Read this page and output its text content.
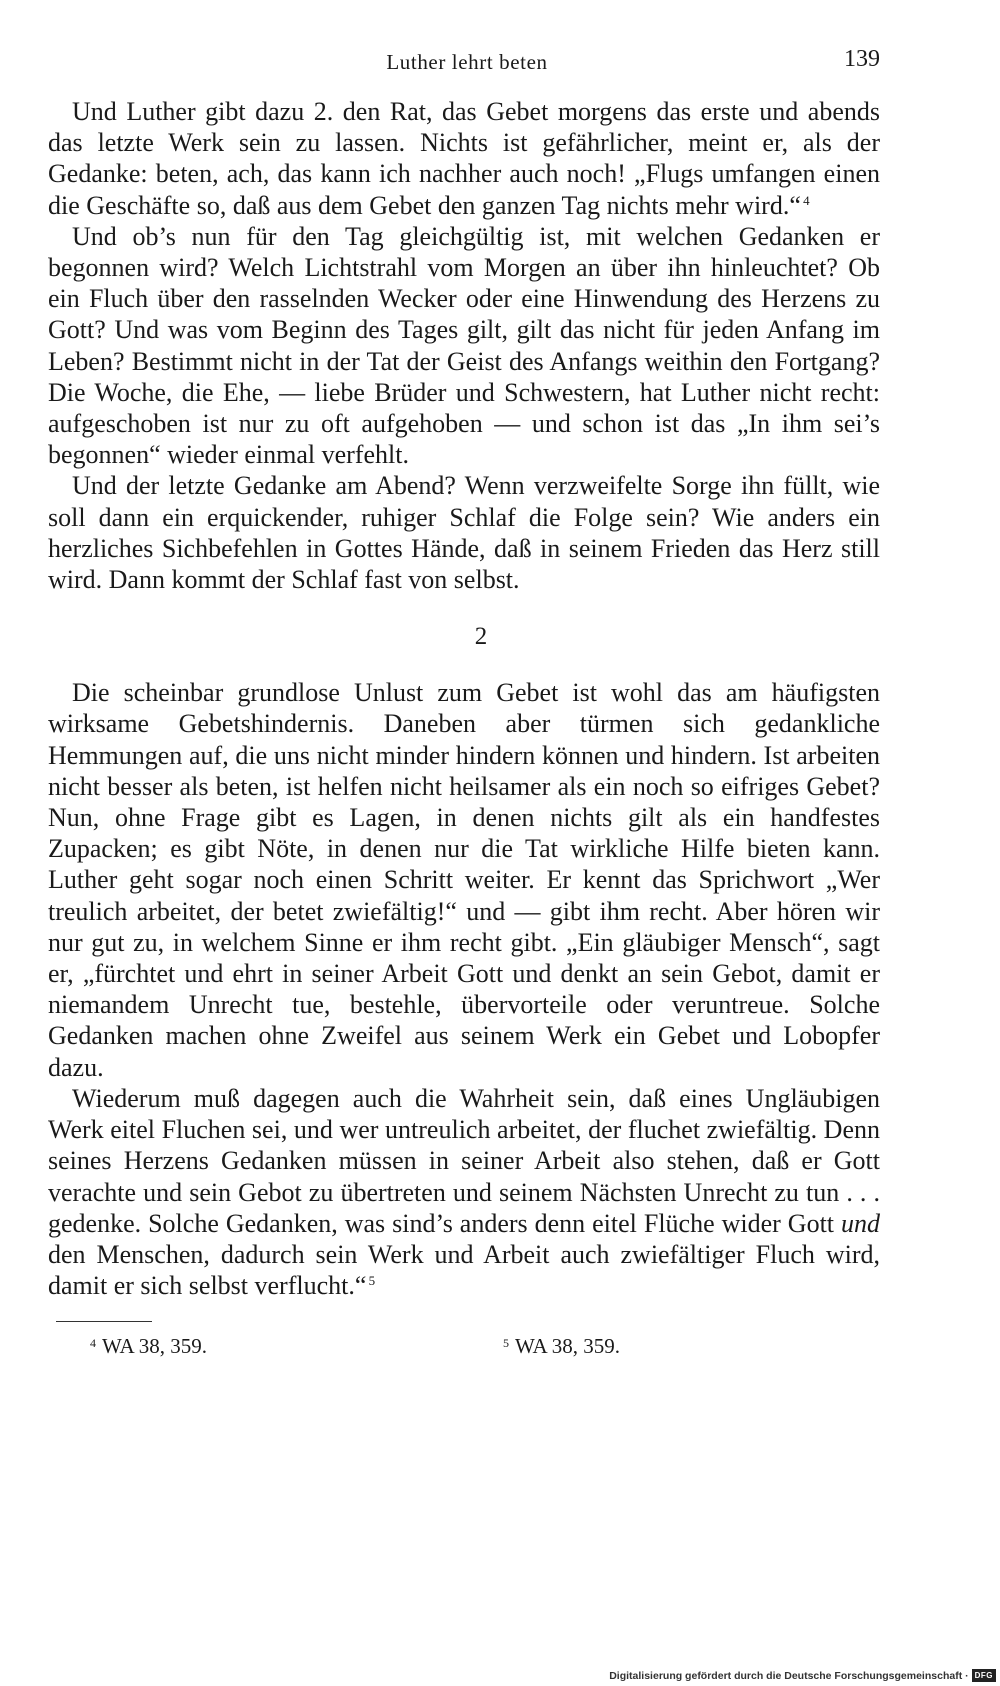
Luther lehrt beten	139

Und Luther gibt dazu 2. den Rat, das Gebet morgens das erste und abends das letzte Werk sein zu lassen. Nichts ist gefährlicher, meint er, als der Gedanke: beten, ach, das kann ich nachher auch noch! „Flugs umfangen einen die Geschäfte so, daß aus dem Gebet den ganzen Tag nichts mehr wird.“  $^4$

Und ob’s nun für den Tag gleichgültig ist, mit welchen Gedanken er begonnen wird? Welch Lichtstrahl vom Morgen an über ihn hinleuchtet? Ob ein Fluch über den rasselnden Wecker oder eine Hinwendung des Herzens zu Gott? Und was vom Beginn des Tages gilt, gilt das nicht für jeden Anfang im Leben? Bestimmt nicht in der Tat der Geist des Anfangs weithin den Fortgang? Die Woche, die Ehe, — liebe Brüder und Schwestern, hat Luther nicht recht: aufgeschoben ist nur zu oft aufgehoben — und schon ist das „In ihm sei’s begonnen“ wieder einmal verfehlt.

Und der letzte Gedanke am Abend? Wenn verzweifelte Sorge ihn füllt, wie soll dann ein erquickender, ruhiger Schlaf die Folge sein? Wie anders ein herzliches Sichbefehlen in Gottes Hände, daß in seinem Frieden das Herz still wird. Dann kommt der Schlaf fast von selbst.

2

Die scheinbar grundlose Unlust zum Gebet ist wohl das am häufigsten wirksame Gebetshindernis. Daneben aber türmen sich gedankliche Hemmungen auf, die uns nicht minder hindern können und hindern. Ist arbeiten nicht besser als beten, ist helfen nicht heilsamer als ein noch so eifriges Gebet? Nun, ohne Frage gibt es Lagen, in denen nichts gilt als ein handfestes Zupacken; es gibt Nöte, in denen nur die Tat wirkliche Hilfe bieten kann. Luther geht sogar noch einen Schritt weiter. Er kennt das Sprichwort „Wer treulich arbeitet, der betet zwiefältig!“ und — gibt ihm recht. Aber hören wir nur gut zu, in welchem Sinne er ihm recht gibt. „Ein gläubiger Mensch“, sagt er, „fürchtet und ehrt in seiner Arbeit Gott und denkt an sein Gebot, damit er niemandem Unrecht tue, bestehle, übervorteile oder veruntreue. Solche Gedanken machen ohne Zweifel aus seinem Werk ein Gebet und Lobopfer dazu.

Wiederum muß dagegen auch die Wahrheit sein, daß eines Ungläubigen Werk eitel Fluchen sei, und wer untreulich arbeitet, der fluchet zwiefältig. Denn seines Herzens Gedanken müssen in seiner Arbeit also stehen, daß er Gott verachte und sein Gebot zu übertreten und seinem Nächsten Unrecht zu tun . . . gedenke. Solche Gedanken, was sind’s anders denn eitel Flüche wider Gott und den Menschen, dadurch sein Werk und Arbeit auch zwiefältiger Fluch wird, damit er sich selbst verflucht.“  $^5$

$^4$ WA 38, 359.	$^5$ WA 38, 359.
Digitalisierung gefördert durch die Deutsche Forschungsgemeinschaft · DFG
